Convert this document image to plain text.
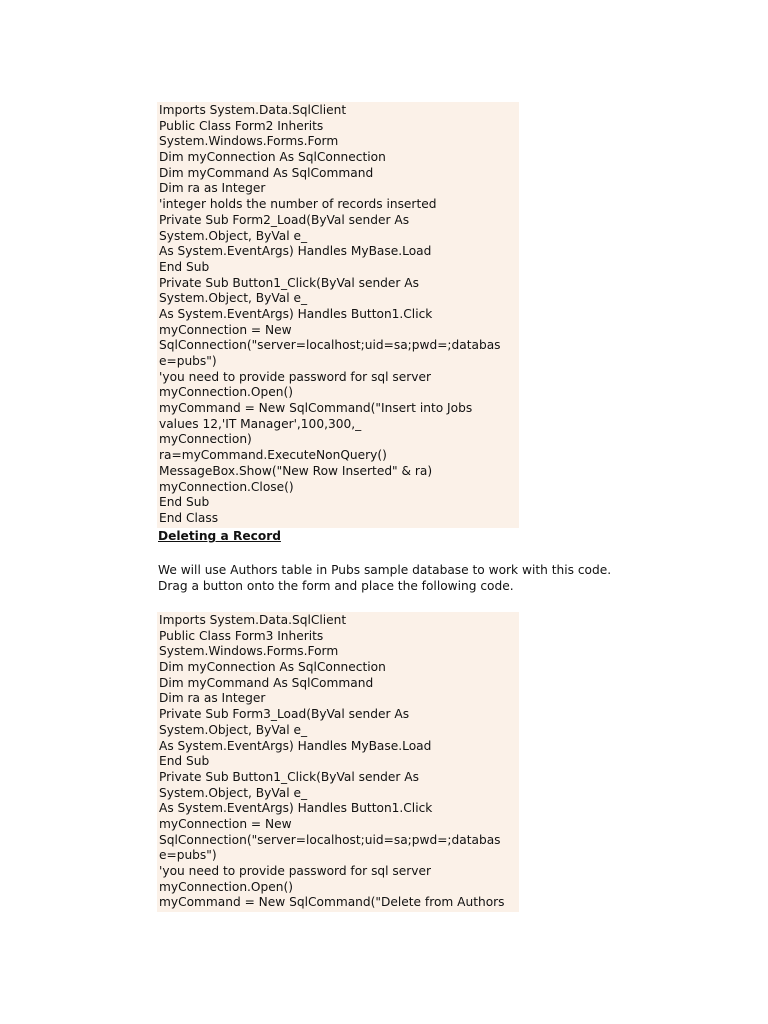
Imports System.Data.SqlClient
Public Class Form2 Inherits
System.Windows.Forms.Form
Dim myConnection As SqlConnection
Dim myCommand As SqlCommand
Dim ra as Integer
'integer holds the number of records inserted
Private Sub Form2_Load(ByVal sender As
System.Object, ByVal e_
As System.EventArgs) Handles MyBase.Load
End Sub
Private Sub Button1_Click(ByVal sender As
System.Object, ByVal e_
As System.EventArgs) Handles Button1.Click
myConnection = New
SqlConnection("server=localhost;uid=sa;pwd=;databas
e=pubs")
'you need to provide password for sql server
myConnection.Open()
myCommand = New SqlCommand("Insert into Jobs
values 12,'IT Manager',100,300,_
myConnection)
ra=myCommand.ExecuteNonQuery()
MessageBox.Show("New Row Inserted" & ra)
myConnection.Close()
End Sub
End Class
Deleting a Record
We will use Authors table in Pubs sample database to work with this code. Drag a button onto the form and place the following code.
Imports System.Data.SqlClient
Public Class Form3 Inherits
System.Windows.Forms.Form
Dim myConnection As SqlConnection
Dim myCommand As SqlCommand
Dim ra as Integer
Private Sub Form3_Load(ByVal sender As
System.Object, ByVal e_
As System.EventArgs) Handles MyBase.Load
End Sub
Private Sub Button1_Click(ByVal sender As
System.Object, ByVal e_
As System.EventArgs) Handles Button1.Click
myConnection = New
SqlConnection("server=localhost;uid=sa;pwd=;databas
e=pubs")
'you need to provide password for sql server
myConnection.Open()
myCommand = New SqlCommand("Delete from Authors
